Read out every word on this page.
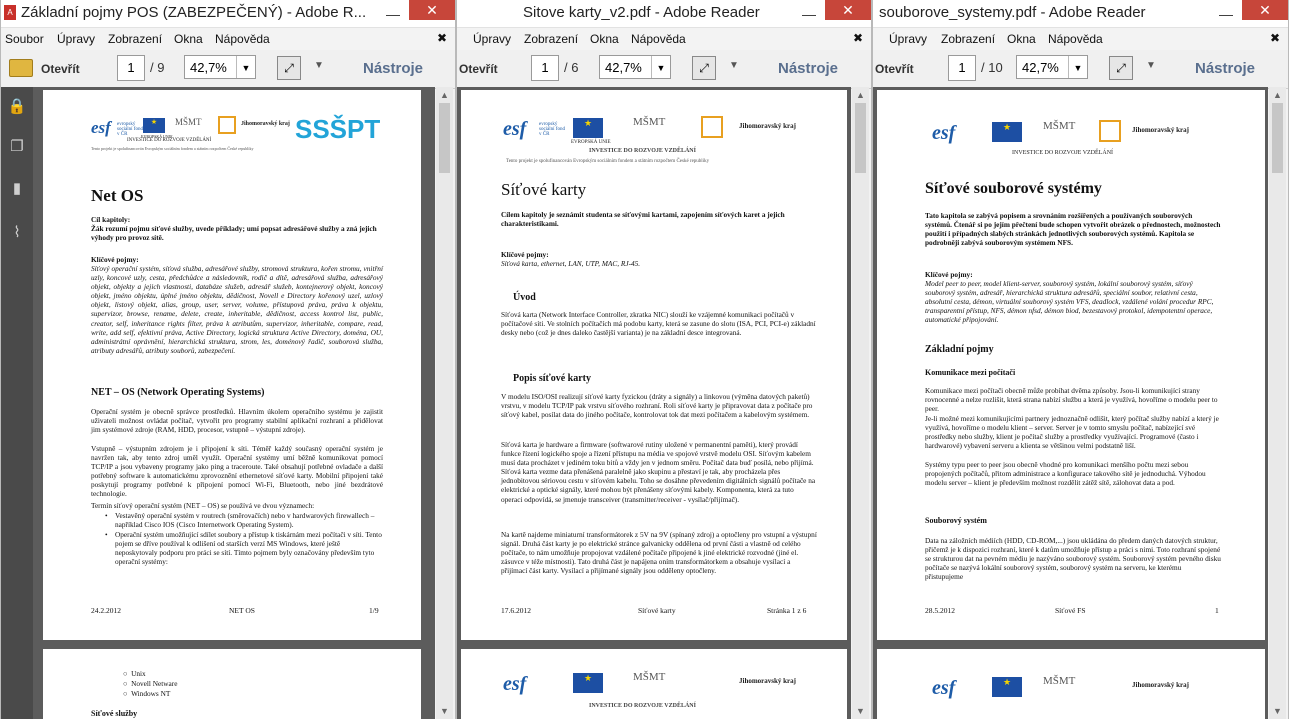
A Základní pojmy POS (ZABEZPEČENÝ) - Adobe R... —	✕
Soubor Úpravy Zobrazení Okna Nápověda	✖
Otevřít	1	/ 9	42,7%	▼	⤢	▼	Nástroje
🔒
❐
▮
⌇
esf evropský sociální fond v ČR
★
EVROPSKÁ UNIE
MŠMT	Jihomoravský kraj
INVESTICE DO ROZVOJE VZDĚLÁNÍ
Tento projekt je spolufinancován Evropským sociálním fondem a státním rozpočtem České republiky
SSŠPT
Net OS
Cíl kapitoly:
Žák rozumí pojmu síťové služby, uvede příklady; umí popsat adresářové služby a zná jejich výhody pro provoz sítě.
Klíčové pojmy:
Síťový operační systém, síťová služba, adresářové služby, stromová struktura, kořen stromu, vnitřní uzly, koncové uzly, cesta, předchůdce a následovník, rodič a dítě, adresářová služba, adresářový objekt, objekty a jejich vlastnosti, databáze služeb, adresář služeb, kontejnerový objekt, koncový objekt, jméno objektu, úplné jméno objektu, dědičnost, Novell e Directory kořenový uzel, uzlový objekt, listový objekt, alias, group, user, server, volume, přístupová práva, práva k objektu, supervizor, browse, rename, delete, create, inheritable, dědičnost, access kontrol list, public, creator, self, inheritance rights filter, práva k atributům, supervizor, inheritable, compare, read, write, add self, efektivní práva, Active Directory, logická struktura Active Directory, doména, OU, administrátní oprávnění, hierarchická struktura, strom, les, doménový řadič, souborová služba, atributy adresářů, atributy souborů, zabezpečení.
NET – OS (Network Operating Systems)
Operační systém je obecně správce prostředků. Hlavním úkolem operačního systému je zajistit uživateli možnost ovládat počítač, vytvořit pro programy stabilní aplikační rozhraní a přidělovat jim systémové zdroje (RAM, HDD, procesor, vstupně – výstupní zdroje).
Vstupně – výstupním zdrojem je i připojení k síti. Téměř každý současný operační systém je navržen tak, aby tento zdroj uměl využít. Operační systémy umí běžně komunikovat pomocí TCP/IP a jsou vybaveny programy jako ping a traceroute. Také obsahují potřebné ovladače a další potřebný software k automatickému zprovoznění ethernetové síťové karty. Mobilní připojení také poskytují programy potřebné k připojení pomocí Wi-Fi, Bluetooth, nebo jiné bezdrátové technologie.
Termín síťový operační systém (NET – OS) se používá ve dvou významech:
• Vestavěný operační systém v routrech (směrovačích) nebo v hardwarových firewallech – například Cisco IOS (Cisco Internetwork Operating System).
• Operační systém umožňující sdílet soubory a přístup k tiskárnám mezi počítači v síti. Tento pojem se dříve používal k odlišení od starších verzí MS Windows, které ještě neposkytovaly podporu pro práci se sítí. Tímto pojmem byly označovány především tyto operační systémy:
24.2.2012	NET OS	1/9
○  Unix
○  Novell Netware
○  Windows NT
Síťové služby
▲
▼
Sitove karty_v2.pdf - Adobe Reader	—	✕
Úpravy Zobrazení Okna Nápověda	✖
Otevřít	1	/ 6	42,7%	▼	⤢	▼	Nástroje
esf	evropský sociální fond v ČR
★
EVROPSKÁ UNIE
MŠMT	Jihomoravský kraj
INVESTICE DO ROZVOJE VZDĚLÁNÍ
Tento projekt je spolufinancován Evropským sociálním fondem a státním rozpočtem České republiky
Síťové karty
Cílem kapitoly je seznámit studenta se síťovými kartami, zapojením síťových karet a jejich charakteristikami.
Klíčové pojmy:
Síťová karta, ethernet, LAN, UTP, MAC, RJ-45.
Úvod
Síťová karta (Network Interface Controller, zkratka NIC) slouží ke vzájemné komunikaci počítačů v počítačové síti. Ve stolních počítačích má podobu karty, která se zasune do slotu (ISA, PCI, PCI-e) základní desky nebo (což je dnes daleko častější varianta) je na základní desce integrovaná.
Popis síťové karty
V modelu ISO/OSI realizují síťové karty fyzickou (dráty a signály) a linkovou (výměna datových paketů) vrstvu, v modelu TCP/IP pak vrstvu síťového rozhraní. Roli síťové karty je připravovat data z počítače pro síťový kabel, posílat data do jiného počítače, kontrolovat tok dat mezi počítačem a kabelovým systémem.
Síťová karta je hardware a firmware (softwarové rutiny uložené v permanentní paměti), který provádí funkce řízení logického spoje a řízení přístupu na média ve spojové vrstvě modelu OSI. Síťovým kabelem musí data procházet v jediném toku bitů a vždy jen v jednom směru. Počítač data buď posílá, nebo přijímá. Síťová karta vezme data přenášená paralelně jako skupinu a přestaví je tak, aby procházela přes jednobitovou sériovou cestu v síťovém kabelu. Toho se dosáhne převedením digitálních signálů počítače na elektrické a optické signály, které mohou být přenášeny síťovými kabely. Komponenta, která za tuto operaci odpovídá, se jmenuje transceiver (transmitter/receiver - vysílač/přijímač).
Na kartě najdeme miniaturní transformátorek z 5V na 9V (spínaný zdroj) a optočleny pro vstupní a výstupní signál. Druhá část karty je po elektrické stránce galvanicky oddělena od první části a vlastně od celého počítače, to nám umožňuje propojovat vzdálené počítače připojené k jiné elektrické rozvodné (jiné el. zásuvce v téže místnosti). Tato druhá část je napájena oním transformátorkem a obsahuje vysílací a přijímací část karty. Vysílací a přijímané signály jsou odděleny optočleny.
17.6.2012	Síťové karty	Stránka 1 z 6
esf	★	MŠMT	Jihomoravský kraj
INVESTICE DO ROZVOJE VZDĚLÁNÍ
▲
▼
souborove_systemy.pdf - Adobe Reader	—	✕
Úpravy Zobrazení Okna Nápověda	✖
Otevřít	1	/ 10	42,7%	▼	⤢	▼	Nástroje
esf	★	MŠMT	Jihomoravský kraj
INVESTICE DO ROZVOJE VZDĚLÁNÍ
Síťové souborové systémy
Tato kapitola se zabývá popisem a srovnáním rozšířených a používaných souborových systémů. Čtenář si po jejím přečtení bude schopen vytvořit obrázek o přednostech, možnostech použití i případných slabých stránkách jednotlivých souborových systémů. Kapitola se podrobněji zabývá souborovým systémem NFS.
Klíčové pojmy:
Model peer to peer, model klient-server, souborový systém, lokální souborový systém, síťový souborový systém, adresář, hierarchická struktura adresářů, speciální soubor, relativní cesta, absolutní cesta, démon, virtuální souborový systém VFS, deadlock, vzdálené volání procedur RPC, transparentní přístup, NFS, démon nfsd, démon biod, bezestavový protokol, idempotentní operace, automatické připojování.
Základní pojmy
Komunikace mezi počítači
Komunikace mezi počítači obecně může probíhat dvěma způsoby. Jsou-li komunikující strany rovnocenné a nelze rozlišit, která strana nabízí službu a která je využívá, hovoříme o modelu peer to peer.
Je-li možné mezi komunikujícími partnery jednoznačně odlišit, který počítač služby nabízí a který je využívá, hovoříme o modelu klient – server. Server je v tomto smyslu počítač, nabízející své prostředky nebo služby, klient je počítač služby a prostředky využívající. Programové (často i hardwarové) vybavení serveru a klienta se většinou velmi podstatně liší.
Systémy typu peer to peer jsou obecně vhodné pro komunikaci menšího počtu mezi sebou propojených počítačů, přitom administrace a konfigurace takového sítě je jednoduchá. Výhodou modelu server – klient je především možnost rozdělit zátěž sítě, zálohovat data a pod.
Souborový systém
Data na záložních médiích (HDD, CD-ROM,...) jsou ukládána do předem daných datových struktur, přičemž je k dispozici rozhraní, které k datům umožňuje přístup a práci s nimi. Toto rozhraní spojené se strukturou dat na pevném médiu je nazýváno souborový systém. Souborový systém pevného disku počítače se nazývá lokální souborový systém, souborový systém na serveru, ke kterému přistupujeme
28.5.2012	Síťové FS	1
esf	★	MŠMT	Jihomoravský kraj
▲
▼
